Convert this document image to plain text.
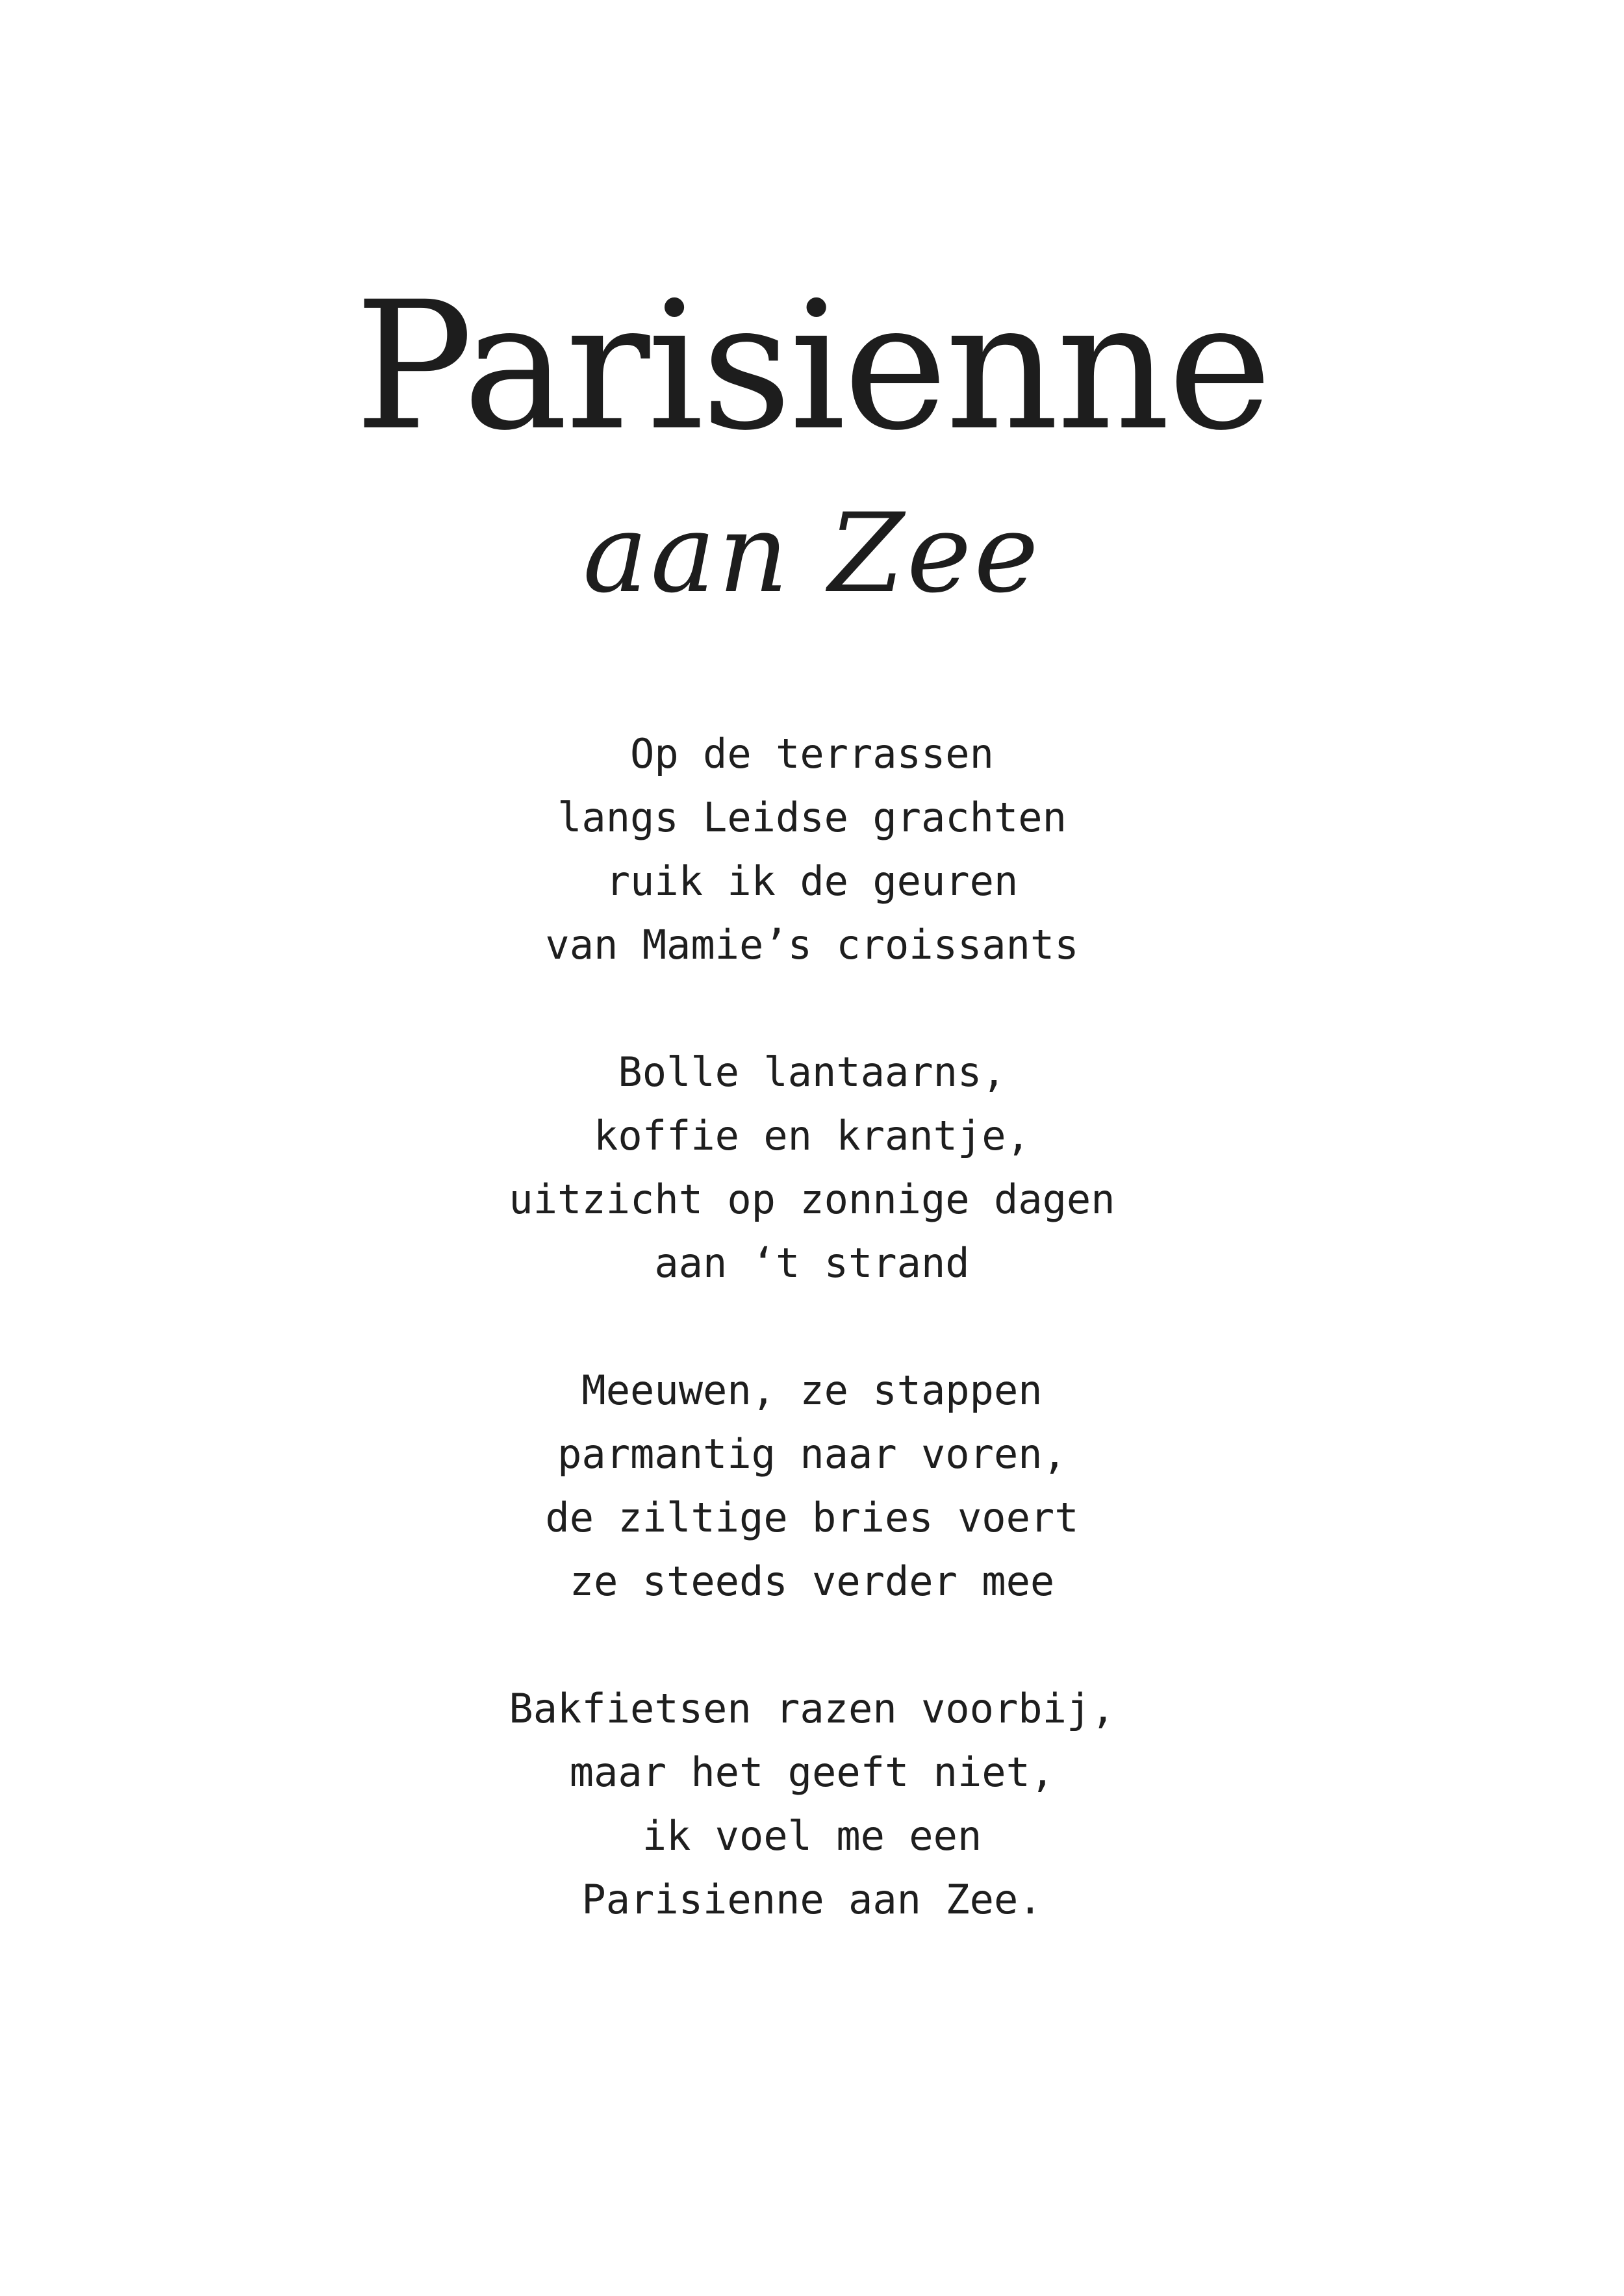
Parisienne
aan Zee
Op de terrassen
langs Leidse grachten
ruik ik de geuren
van Mamie’s croissants
Bolle lantaarns,
koffie en krantje,
uitzicht op zonnige dagen
aan ‘t strand
Meeuwen, ze stappen
parmantig naar voren,
de ziltige bries voert
ze steeds verder mee
Bakfietsen razen voorbij,
maar het geeft niet,
ik voel me een
Parisienne aan Zee.
